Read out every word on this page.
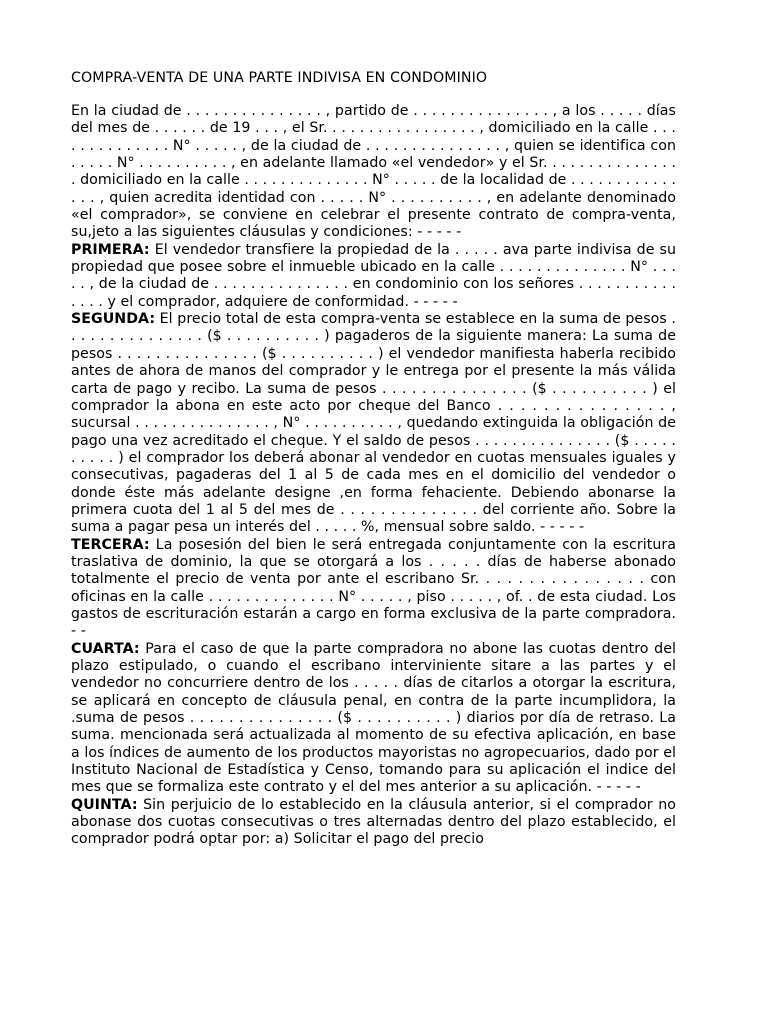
COMPRA-VENTA DE UNA PARTE INDIVISA EN CONDOMINIO

En la ciudad de . . . . . . . . . . . . . . . , partido de . . . . . . . . . . . . . . . , a los . . . . . días del mes de . . . . . . de 19 . . . , el Sr. . . . . . . . . . . . . . . . . , domiciliado en la calle . . . . . . . . . . . . . . N° . . . . . , de la ciudad de . . . . . . . . . . . . . . . , quien se identifica con . . . . . N° . . . . . . . . . . , en adelante llamado «el vendedor» y el Sr. . . . . . . . . . . . . . . . domiciliado en la calle . . . . . . . . . . . . . . N° . . . . . de la localidad de . . . . . . . . . . . . . . . , quien acredita identidad con . . . . . N° . . . . . . . . . . , en adelante denominado «el comprador», se conviene en celebrar el presente contrato de compra-venta, su,jeto a las siguientes cláusulas y condiciones: - - - - -

PRIMERA: El vendedor transfiere la propiedad de la . . . . . ava parte indivisa de su propiedad que posee sobre el inmueble ubicado en la calle . . . . . . . . . . . . . . N° . . . . . , de la ciudad de . . . . . . . . . . . . . . . en condominio con los señores . . . . . . . . . . . . . . . y el comprador, adquiere de conformidad. - - - - -

SEGUNDA: El precio total de esta compra-venta se establece en la suma de pesos . . . . . . . . . . . . . . . ($ . . . . . . . . . . ) pagaderos de la siguiente manera: La suma de pesos . . . . . . . . . . . . . . . ($ . . . . . . . . . . ) el vendedor manifiesta haberla recibido antes de ahora de manos del comprador y le entrega por el presente la más válida carta de pago y recibo. La suma de pesos . . . . . . . . . . . . . . . ($ . . . . . . . . . . ) el comprador la abona en este acto por cheque del Banco . . . . . . . . . . . . . . . , sucursal . . . . . . . . . . . . . . . , N° . . . . . . . . . . , quedando extinguida la obligación de pago una vez acreditado el cheque. Y el saldo de pesos . . . . . . . . . . . . . . . ($ . . . . . . . . . . ) el comprador los deberá abonar al vendedor en cuotas mensuales iguales y consecutivas, pagaderas del 1 al 5 de cada mes en el domicilio del vendedor o donde éste más adelante designe ,en forma fehaciente. Debiendo abonarse la primera cuota del 1 al 5 del mes de . . . . . . . . . . . . . . del corriente año. Sobre la suma a pagar pesa un interés del . . . . . %, mensual sobre saldo. - - - - -

TERCERA: La posesión del bien le será entregada conjuntamente con la escritura traslativa de dominio, la que se otorgará a los . . . . . días de haberse abonado totalmente el precio de venta por ante el escribano Sr. . . . . . . . . . . . . . . . con oficinas en la calle . . . . . . . . . . . . . . N° . . . . . , piso . . . . . , of. . de esta ciudad. Los gastos de escrituración estarán a cargo en forma exclusiva de la parte compradora. - -

CUARTA: Para el caso de que la parte compradora no abone las cuotas dentro del plazo estipulado, o cuando el escribano interviniente sitare a las partes y el vendedor no concurriere dentro de los . . . . . días de citarlos a otorgar la escritura, se aplicará en concepto de cláusula penal, en contra de la parte incumplidora, la .suma de pesos . . . . . . . . . . . . . . . ($ . . . . . . . . . . ) diarios por día de retraso. La suma. mencionada será actualizada al momento de su efectiva aplicación, en base a los índices de aumento de los productos mayoristas no agropecuarios, dado por el Instituto Nacional de Estadística y Censo, tomando para su aplicación el indice del mes que se formaliza este contrato y el del mes anterior a su aplicación. - - - - -

QUINTA: Sin perjuicio de lo establecido en la cláusula anterior, si el comprador no abonase dos cuotas consecutivas o tres alternadas dentro del plazo establecido, el comprador podrá optar por: a) Solicitar el pago del precio
